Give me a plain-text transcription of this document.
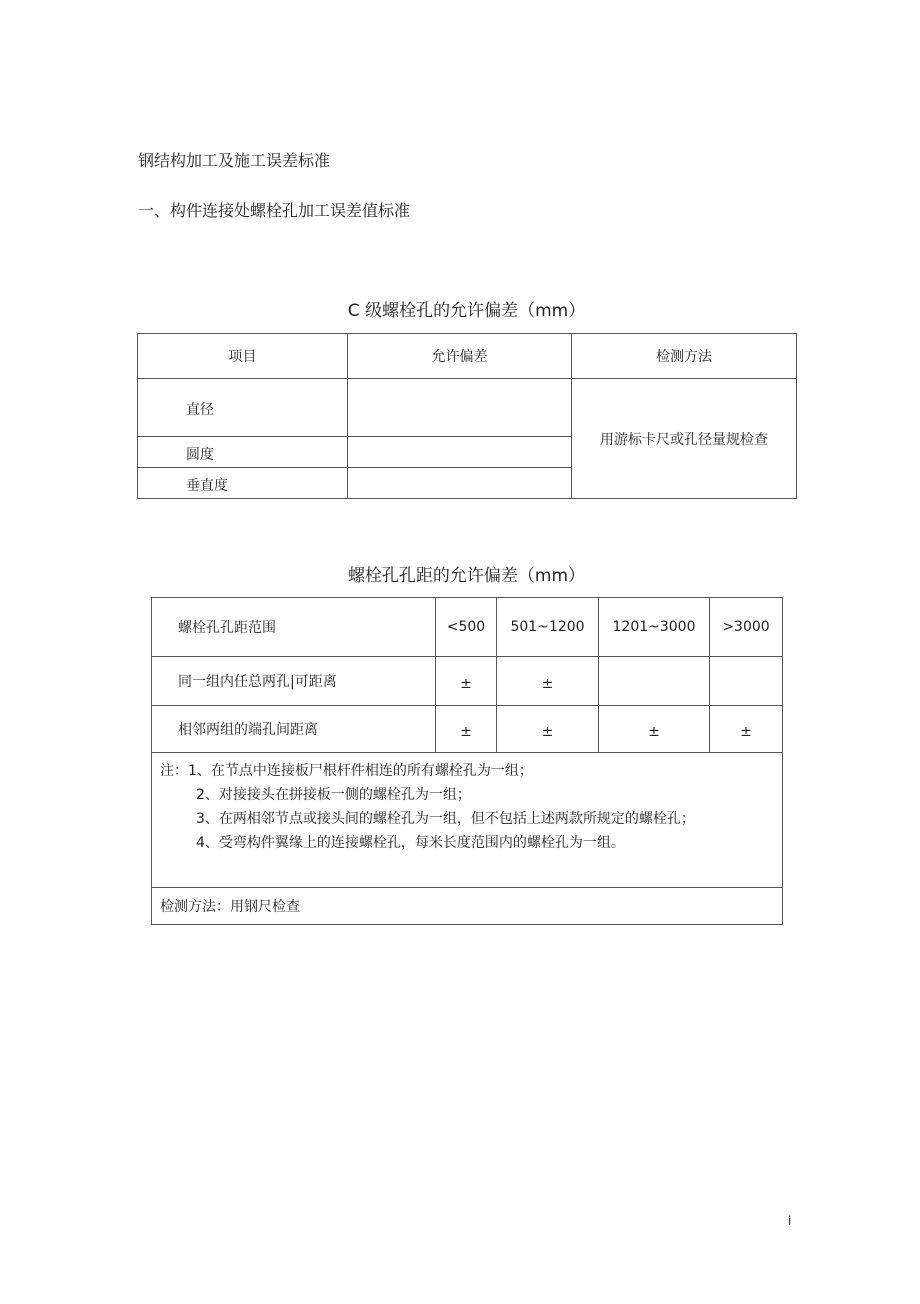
钢结构加工及施工误差标准
一、构件连接处螺栓孔加工误差值标准
C 级螺栓孔的允许偏差（mm）
项目	允许偏差	检测方法
直径		用游标卡尺或孔径量规检查
圆度		
垂直度		
螺栓孔孔距的允许偏差（mm）
螺栓孔孔距范围	<500	501~1200	1201~3000	>3000
同一组内任总两孔|可距离	±	±		
相邻两组的端孔间距离	±	±	±	±

注：1、在节点中连接板尸根杆件相连的所有螺栓孔为一组；
2、对接接头在拼接板一侧的螺栓孔为一组；
3、在两相邻节点或接头间的螺栓孔为一组，但不包括上述两款所规定的螺栓孔；
4、受弯构件翼缘上的连接螺栓孔，每米长度范围内的螺栓孔为一组。				

检测方法：用钢尺检查				
i
